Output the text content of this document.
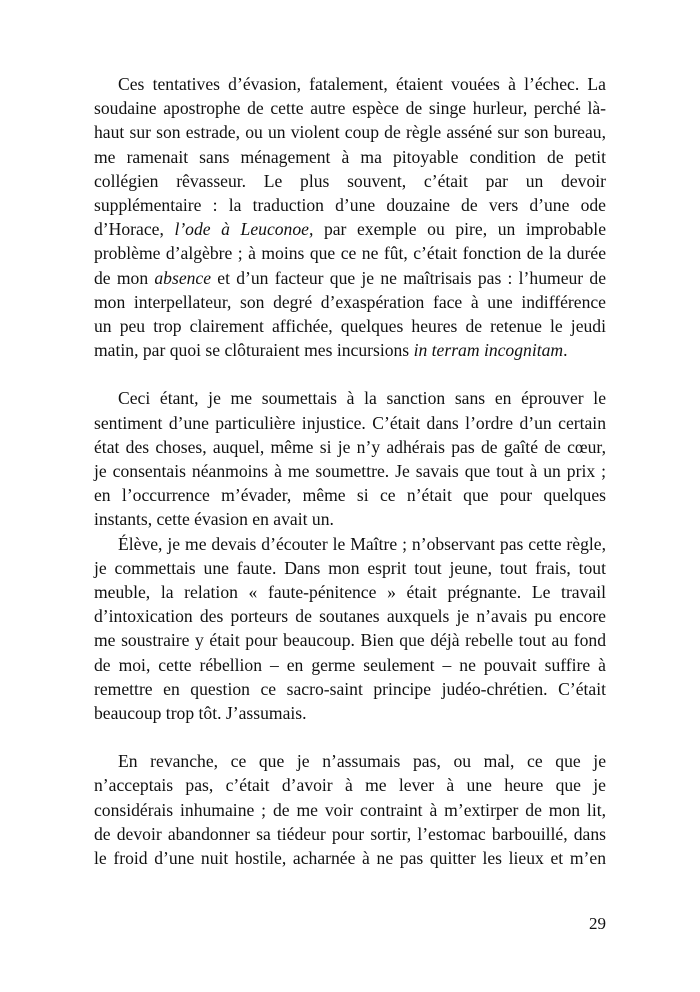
Ces tentatives d’évasion, fatalement, étaient vouées à l’échec. La
soudaine apostrophe de cette autre espèce de singe hurleur, perché là-
haut sur son estrade, ou un violent coup de règle asséné sur son bureau,
me ramenait sans ménagement à ma pitoyable condition de petit
collégien rêvasseur. Le plus souvent, c’était par un devoir
supplémentaire : la traduction d’une douzaine de vers d’une ode
d’Horace, l’ode à Leuconoe, par exemple ou pire, un improbable
problème d’algèbre ; à moins que ce ne fût, c’était fonction de la durée
de mon absence et d’un facteur que je ne maîtrisais pas : l’humeur de
mon interpellateur, son degré d’exaspération face à une indifférence
un peu trop clairement affichée, quelques heures de retenue le jeudi
matin, par quoi se clôturaient mes incursions in terram incognitam.
Ceci étant, je me soumettais à la sanction sans en éprouver le
sentiment d’une particulière injustice. C’était dans l’ordre d’un certain
état des choses, auquel, même si je n’y adhérais pas de gaîté de cœur,
je consentais néanmoins à me soumettre. Je savais que tout à un prix ;
en l’occurrence m’évader, même si ce n’était que pour quelques
instants, cette évasion en avait un.
Élève, je me devais d’écouter le Maître ; n’observant pas cette règle,
je commettais une faute. Dans mon esprit tout jeune, tout frais, tout
meuble, la relation « faute-pénitence » était prégnante. Le travail
d’intoxication des porteurs de soutanes auxquels je n’avais pu encore
me soustraire y était pour beaucoup. Bien que déjà rebelle tout au fond
de moi, cette rébellion – en germe seulement – ne pouvait suffire à
remettre en question ce sacro-saint principe judéo-chrétien. C’était
beaucoup trop tôt. J’assumais.
En revanche, ce que je n’assumais pas, ou mal, ce que je
n’acceptais pas, c’était d’avoir à me lever à une heure que je
considérais inhumaine ; de me voir contraint à m’extirper de mon lit,
de devoir abandonner sa tiédeur pour sortir, l’estomac barbouillé, dans
le froid d’une nuit hostile, acharnée à ne pas quitter les lieux et m’en
29
